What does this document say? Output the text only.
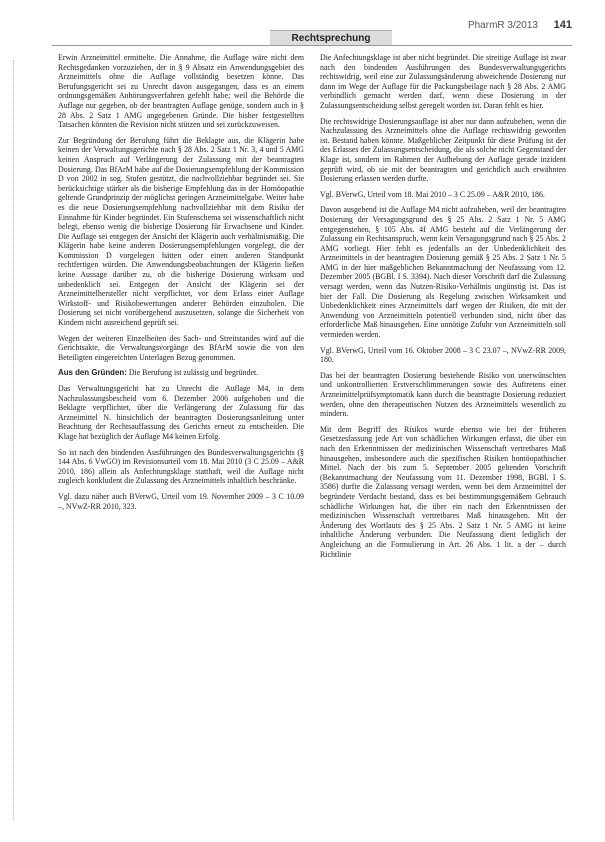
Rechtsprechung
PharmR 3/2013 141

Erwin Arzneimittel ermittelte. Die Annahme, die Auflage wäre nicht dem Rechtsgedanken vorzuziehen, der in § 9 Absatz ein Anwendungsgebiet des Arzneimittels ohne die Auflage vollständig besetzen könne. Das Berufungsgericht sei zu Unrecht davon ausgegangen, dass es an einem ordnungsgemäßen Anhörungsverfahren gefehlt habe; weil die Behörde die Auflage nur gegeben, ob der beantragten Auflage genüge, sondern auch in § 28 Abs. 2 Satz 1 AMG angegebenen Gründe. Die bisher festgestellten Tatsachen könnten die Revision nicht stützen und sei zurückzuweisen.

Zur Begründung der Berufung führt die Beklagte aus, die Klägerin habe keinen der Verwaltungsgerichte nach § 28 Abs. 2 Satz 1 Nr. 3, 4 und 5 AMG keinen Anspruch auf Verlängerung der Zulassung mit der beantragten Dosierung. Das BfArM habe auf die Dosierungsempfehlung der Kommission D von 2002 in sog. Stufen gestützt, die nachvollziehbar begründet sei. Sie berücksichtige stärker als die bisherige Empfehlung das in der Homöopathie geltende Grundprinzip der möglichst geringen Arzneimittelgabe. Weiter habe es die neue Dosierungsempfehlung nachvollziehbar mit dem Risiko der Einnahme für Kinder begründet. Ein Stufenschema sei wissenschaftlich nicht belegt, ebenso wenig die bisherige Dosierung für Erwachsene und Kinder. Die Auflage sei entgegen der Ansicht der Klägerin auch verhältnismäßig. Die Klägerin habe keine anderen Dosierungsempfehlungen vorgelegt, die der Kommission D vorgelegen hätten oder einen anderen Standpunkt rechtfertigen würden. Die Anwendungsbeobachtungen der Klägerin ließen keine Aussage darüber zu, ob die bisherige Dosierung wirksam und unbedenklich sei. Entgegen der Ansicht der Klägerin sei der Arzneimittelhersteller nicht verpflichtet, vor dem Erlass einer Auflage Wirkstoff- und Risikobewertungen anderer Behörden einzuholen. Die Dosierung sei nicht vorübergehend auszusetzen, solange die Sicherheit von Kindern nicht ausreichend geprüft sei.

Wegen der weiteren Einzelheiten des Sach- und Streitstandes wird auf die Gerichtsakte, die Verwaltungsvorgänge des BfArM sowie die von den Beteiligten eingereichten Unterlagen Bezug genommen.

Aus den Gründen: Die Berufung ist zulässig und begründet.

Das Verwaltungsgericht hat zu Unrecht die Auflage M4, in dem Nachzulassungsbescheid vom 6. Dezember 2006 aufgehoben und die Beklagte verpflichtet, über die Verlängerung der Zulassung für das Arzneimittel N. hinsichtlich der beantragten Dosierungsanleitung unter Beachtung der Rechtsauffassung des Gerichts erneut zu entscheiden. Die Klage hat bezüglich der Auflage M4 keinen Erfolg.

So ist nach den bindenden Ausführungen des Bundesverwaltungsgerichts (§ 144 Abs. 6 VwGO) im Revisionsurteil vom 18. Mai 2010 (3 C 25.09 – A&R 2010, 186) allein als Anfechtungsklage statthaft, weil die Auflage nicht zugleich konkludent die Zulassung des Arzneimittels inhaltlich beschränke.

Vgl. dazu näher auch BVerwG, Urteil vom 19. November 2009 – 3 C 10.09 –, NVwZ-RR 2010, 323.

Die Anfechtungsklage ist aber nicht begründet. Die streitige Auflage ist zwar nach den bindenden Ausführungen des Bundesverwaltungsgerichts rechtswidrig, weil eine zur Zulassungsänderung abweichende Dosierung nur dann im Wege der Auflage für die Packungsbeilage nach § 28 Abs. 2 AMG verbindlich gemacht werden darf, wenn diese Dosierung in der Zulassungsentscheidung selbst geregelt worden ist. Daran fehlt es hier.

Die rechtswidrige Dosierungsauflage ist aber nur dann aufzuheben, wenn die Nachzulassung des Arzneimittels ohne die Auflage rechtswidrig geworden ist. Bestand haben könnte. Maßgeblicher Zeitpunkt für diese Prüfung ist der des Erlasses der Zulassungsentscheidung, die als solche nicht Gegenstand der Klage ist, sondern im Rahmen der Aufhebung der Auflage gerade inzident geprüft wird, ob sie mit der beantragten und gerichtlich auch erwähnten Dosierung erlassen werden durfte.

Vgl. BVerwG, Urteil vom 18. Mai 2010 – 3 C 25.09 – A&R 2010, 186.

Davon ausgehend ist die Auflage M4 nicht aufzuheben, weil der beantragten Dosierung der Versagungsgrund des § 25 Abs. 2 Satz 1 Nr. 5 AMG entgegenstehen, § 105 Abs. 4f AMG besteht auf die Verlängerung der Zulassung ein Rechtsanspruch, wenn kein Versagungsgrund nach § 25 Abs. 2 AMG vorliegt. Hier fehlt es jedenfalls an der Unbedenklichkeit des Arzneimittels in der beantragten Dosierung gemäß § 25 Abs. 2 Satz 1 Nr. 5 AMG in der hier maßgeblichen Bekanntmachung der Neufassung vom 12. Dezember 2005 (BGBl. I S. 3394). Nach dieser Vorschrift darf die Zulassung versagt werden, wenn das Nutzen-Risiko-Verhältnis ungünstig ist. Das ist hier der Fall. Die Dosierung als Regelung zwischen Wirksamkeit und Unbedenklichkeit eines Arzneimittels darf wegen der Risiken, die mit der Anwendung von Arzneimitteln potentiell verbunden sind, nicht über das erforderliche Maß hinausgehen. Eine unnötige Zufuhr von Arzneimitteln soll vermieden werden.

Vgl. BVerwG, Urteil vom 16. Oktober 2008 – 3 C 23.07 –, NVwZ-RR 2009, 180.

Das bei der beantragten Dosierung bestehende Risiko von unerwünschten und unkontrollierten Erstverschlimmerungen sowie des Auftretens einer Arzneimittelprüfsymptomatik kann durch die beantragte Dosierung reduziert werden, ohne den therapeutischen Nutzen des Arzneimittels wesentlich zu mindern.

Mit dem Begriff des Risikos wurde ebenso wie bei der früheren Gesetzesfassung jede Art von schädlichen Wirkungen erfasst, die über ein nach den Erkenntnissen der medizinischen Wissenschaft vertretbares Maß hinausgehen, insbesondere auch die spezifischen Risiken homöopathischer Mittel. Nach der bis zum 5. September 2005 geltenden Vorschrift (Bekanntmachung der Neufassung vom 11. Dezember 1998, BGBl. I S. 3586) durfte die Zulassung versagt werden, wenn bei dem Arzneimittel der begründete Verdacht bestand, dass es bei bestimmungsgemäßem Gebrauch schädliche Wirkungen hat, die über ein nach den Erkenntnissen der medizinischen Wissenschaft vertretbares Maß hinausgehen. Mit der Änderung des Wortlauts des § 25 Abs. 2 Satz 1 Nr. 5 AMG ist keine inhaltliche Änderung verbunden. Die Neufassung dient lediglich der Angleichung an die Formulierung in Art. 26 Abs. 1 lit. a der – durch Richtlinie
